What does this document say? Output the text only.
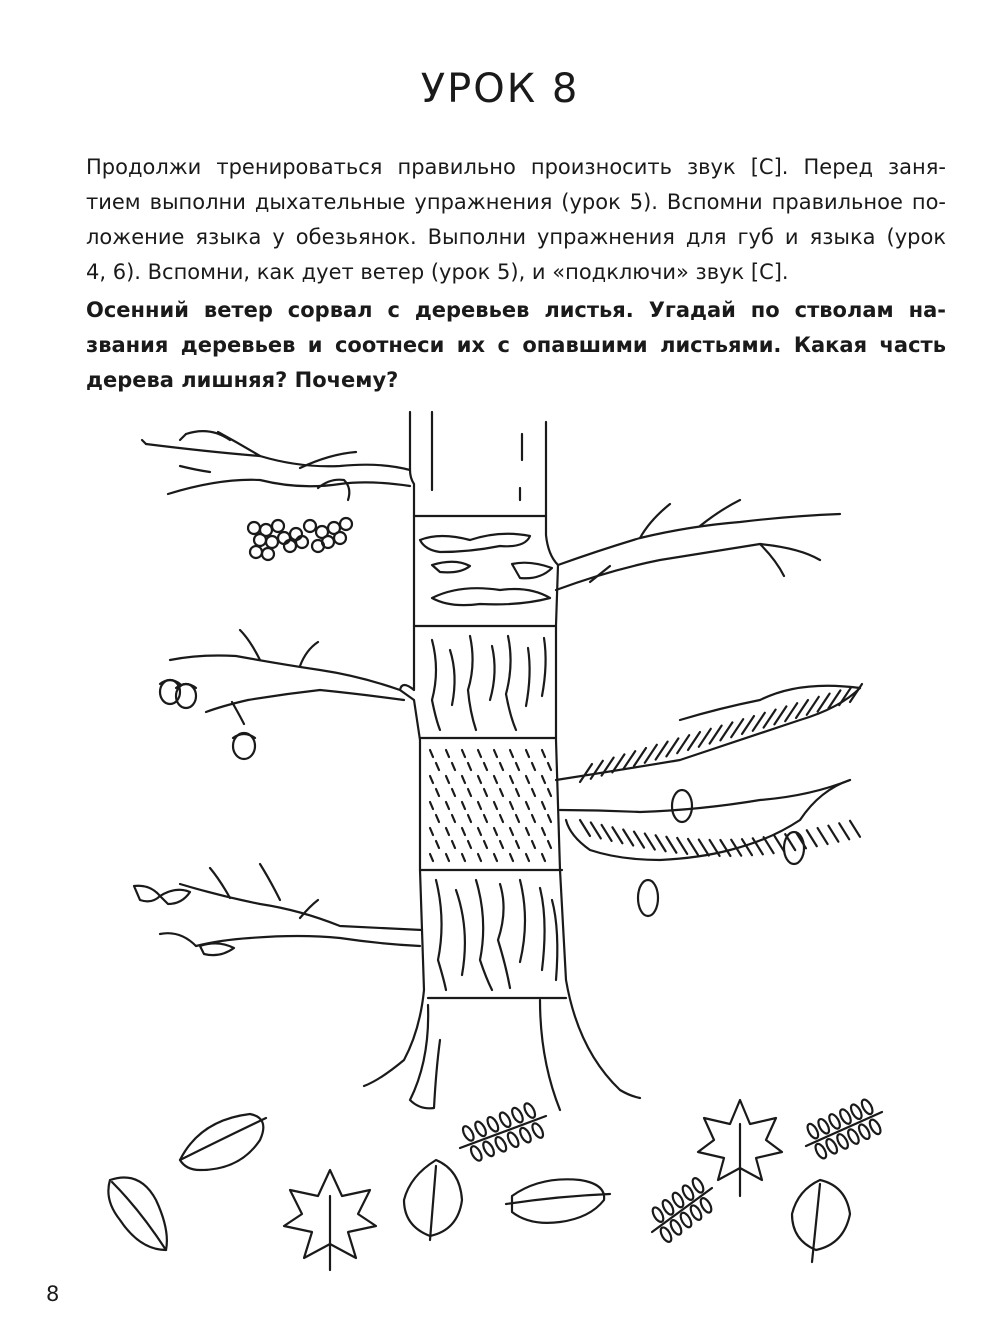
УРОК 8
Продолжи тренироваться правильно произносить звук [С]. Перед заня-
тием выполни дыхательные упражнения (урок 5). Вспомни правильное по-
ложение языка у обезьянок. Выполни упражнения для губ и языка (урок
4, 6). Вспомни, как дует ветер (урок 5), и «подключи» звук [С].
Осенний ветер сорвал с деревьев листья. Угадай по стволам на-
звания деревьев и соотнеси их с опавшими листьями. Какая часть
дерева лишняя? Почему?
8
